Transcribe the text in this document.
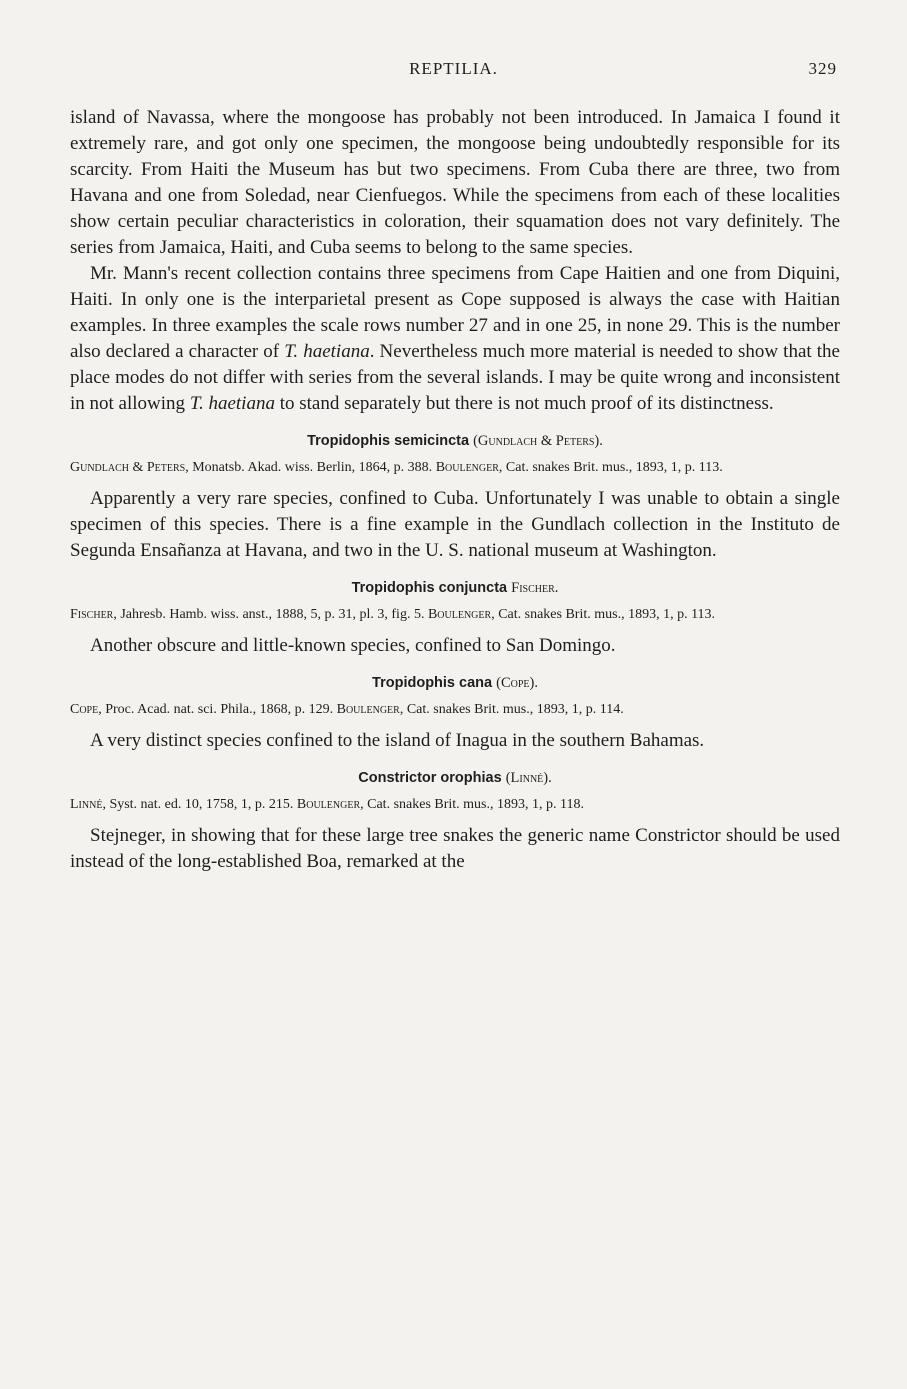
REPTILIA.	329

island of Navassa, where the mongoose has probably not been introduced. In Jamaica I found it extremely rare, and got only one specimen, the mongoose being undoubtedly responsible for its scarcity. From Haiti the Museum has but two specimens. From Cuba there are three, two from Havana and one from Soledad, near Cienfuegos. While the specimens from each of these localities show certain peculiar characteristics in coloration, their squamation does not vary definitely. The series from Jamaica, Haiti, and Cuba seems to belong to the same species.

Mr. Mann's recent collection contains three specimens from Cape Haitien and one from Diquini, Haiti. In only one is the interparietal present as Cope supposed is always the case with Haitian examples. In three examples the scale rows number 27 and in one 25, in none 29. This is the number also declared a character of T. haetiana. Nevertheless much more material is needed to show that the place modes do not differ with series from the several islands. I may be quite wrong and inconsistent in not allowing T. haetiana to stand separately but there is not much proof of its distinctness.

Tropidophis semicincta (Gundlach & Peters).

Gundlach & Peters, Monatsb. Akad. wiss. Berlin, 1864, p. 388. Boulenger, Cat. snakes Brit. mus., 1893, 1, p. 113.

Apparently a very rare species, confined to Cuba. Unfortunately I was unable to obtain a single specimen of this species. There is a fine example in the Gundlach collection in the Instituto de Segunda Ensañanza at Havana, and two in the U. S. national museum at Washington.

Tropidophis conjuncta Fischer.

Fischer, Jahresb. Hamb. wiss. anst., 1888, 5, p. 31, pl. 3, fig. 5. Boulenger, Cat. snakes Brit. mus., 1893, 1, p. 113.

Another obscure and little-known species, confined to San Domingo.

Tropidophis cana (Cope).

Cope, Proc. Acad. nat. sci. Phila., 1868, p. 129. Boulenger, Cat. snakes Brit. mus., 1893, 1, p. 114.

A very distinct species confined to the island of Inagua in the southern Bahamas.

Constrictor orophias (Linné).

Linné, Syst. nat. ed. 10, 1758, 1, p. 215. Boulenger, Cat. snakes Brit. mus., 1893, 1, p. 118.

Stejneger, in showing that for these large tree snakes the generic name Constrictor should be used instead of the long-established Boa, remarked at the
